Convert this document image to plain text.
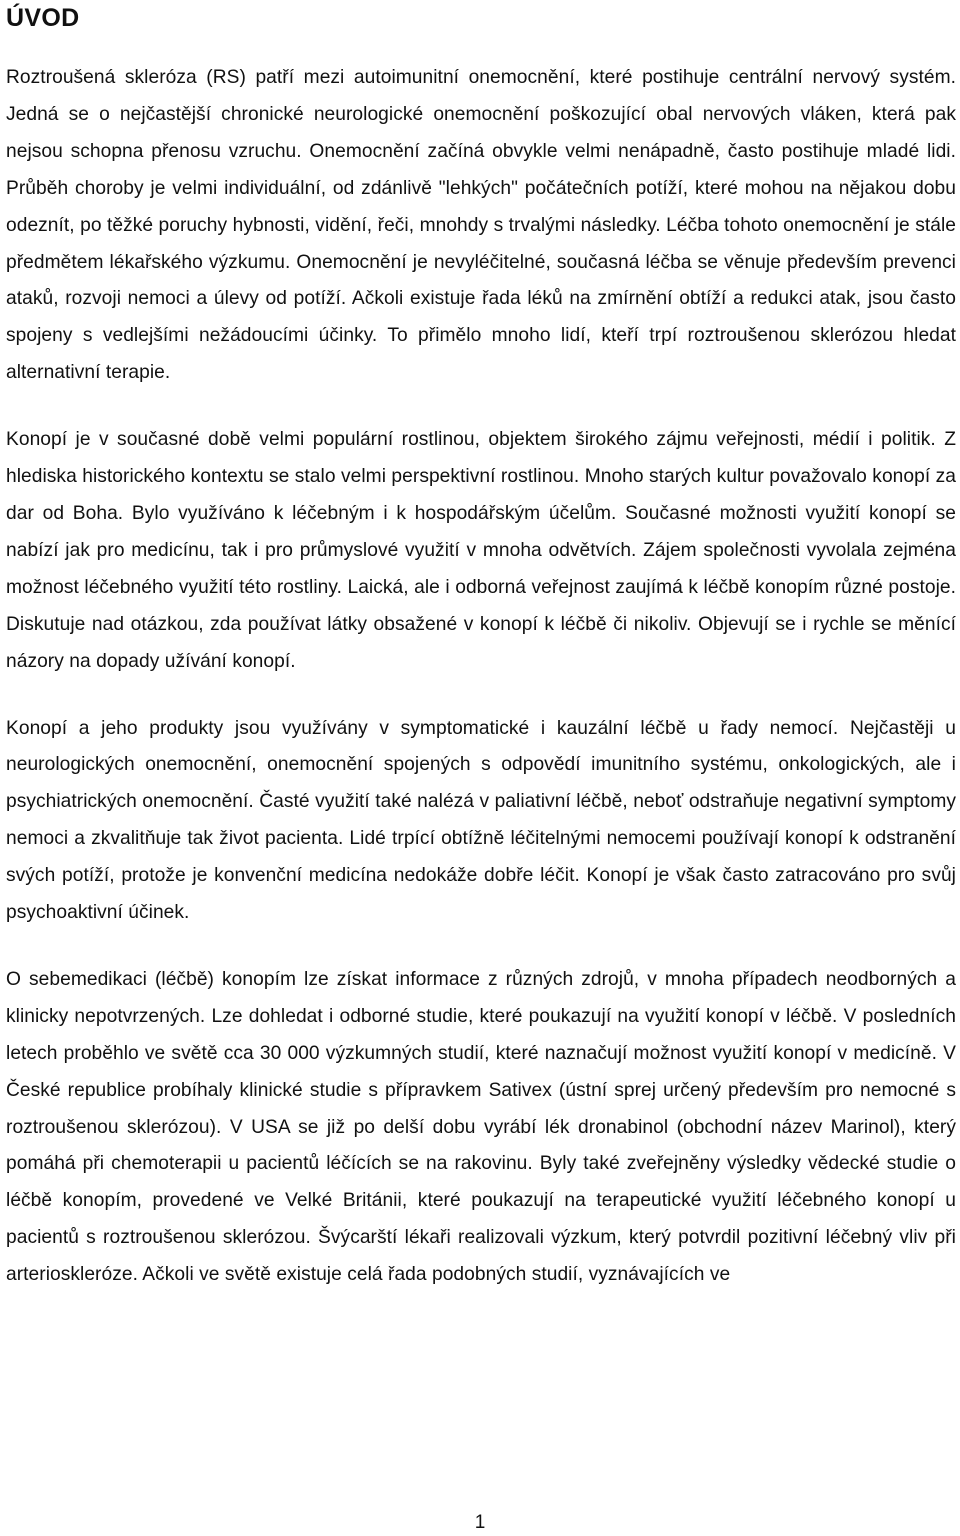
ÚVOD

Roztroušená skleróza (RS) patří mezi autoimunitní onemocnění, které postihuje centrální nervový systém. Jedná se o nejčastější chronické neurologické onemocnění poškozující obal nervových vláken, která pak nejsou schopna přenosu vzruchu. Onemocnění začíná obvykle velmi nenápadně, často postihuje mladé lidi. Průběh choroby je velmi individuální, od zdánlivě "lehkých" počátečních potíží, které mohou na nějakou dobu odeznít, po těžké poruchy hybnosti, vidění, řeči, mnohdy s trvalými následky. Léčba tohoto onemocnění je stále předmětem lékařského výzkumu. Onemocnění je nevyléčitelné, současná léčba se věnuje především prevenci ataků, rozvoji nemoci a úlevy od potíží. Ačkoli existuje řada léků na zmírnění obtíží a redukci atak, jsou často spojeny s vedlejšími nežádoucími účinky. To přimělo mnoho lidí, kteří trpí roztroušenou sklerózou hledat alternativní terapie.

Konopí je v současné době velmi populární rostlinou, objektem širokého zájmu veřejnosti, médií i politik. Z hlediska historického kontextu se stalo velmi perspektivní rostlinou. Mnoho starých kultur považovalo konopí za dar od Boha. Bylo využíváno k léčebným i k hospodářským účelům. Současné možnosti využití konopí se nabízí jak pro medicínu, tak i pro průmyslové využití v mnoha odvětvích. Zájem společnosti vyvolala zejména možnost léčebného využití této rostliny. Laická, ale i odborná veřejnost zaujímá k léčbě konopím různé postoje. Diskutuje nad otázkou, zda používat látky obsažené v konopí k léčbě či nikoliv. Objevují se i rychle se měnící názory na dopady užívání konopí.

Konopí a jeho produkty jsou využívány v symptomatické i kauzální léčbě u řady nemocí. Nejčastěji u neurologických onemocnění, onemocnění spojených s odpovědí imunitního systému, onkologických, ale i psychiatrických onemocnění. Časté využití také nalézá v paliativní léčbě, neboť odstraňuje negativní symptomy nemoci a zkvalitňuje tak život pacienta. Lidé trpící obtížně léčitelnými nemocemi používají konopí k odstranění svých potíží, protože je konvenční medicína nedokáže dobře léčit. Konopí je však často zatracováno pro svůj psychoaktivní účinek.

O sebemedikaci (léčbě) konopím lze získat informace z různých zdrojů, v mnoha případech neodborných a klinicky nepotvrzených. Lze dohledat i odborné studie, které poukazují na využití konopí v léčbě. V posledních letech proběhlo ve světě cca 30 000 výzkumných studií, které naznačují možnost využití konopí v medicíně. V České republice probíhaly klinické studie s přípravkem Sativex (ústní sprej určený především pro nemocné s roztroušenou sklerózou). V USA se již po delší dobu vyrábí lék dronabinol (obchodní název Marinol), který pomáhá při chemoterapii u pacientů léčících se na rakovinu. Byly také zveřejněny výsledky vědecké studie o léčbě konopím, provedené ve Velké Británii, které poukazují na terapeutické využití léčebného konopí u pacientů s roztroušenou sklerózou. Švýcarští lékaři realizovali výzkum, který potvrdil pozitivní léčebný vliv při arterioskleróze. Ačkoli ve světě existuje celá řada podobných studií, vyznávajících ve

1
